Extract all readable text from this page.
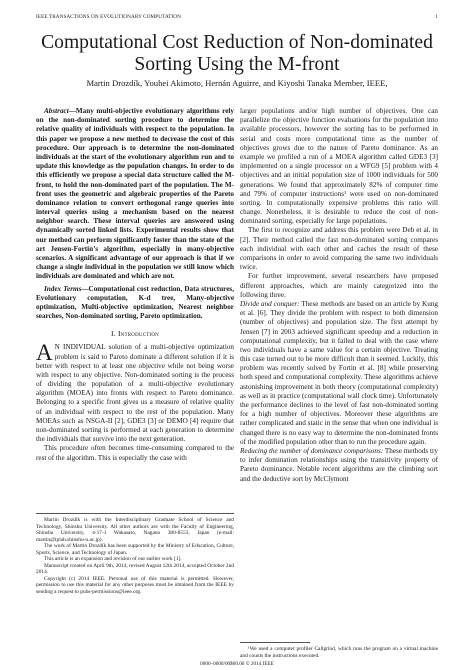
IEEE TRANSACTIONS ON EVOLUTIONARY COMPUTATION	1
Computational Cost Reduction of Non-dominated
Sorting Using the M-front
Martin Drozdík, Youhei Akimoto, Hernán Aguirre, and Kiyoshi Tanaka Member, IEEE,

Abstract—Many multi-objective evolutionary algorithms rely on the non-dominated sorting procedure to determine the relative quality of individuals with respect to the population. In this paper we propose a new method to decrease the cost of this procedure. Our approach is to determine the non-dominated individuals at the start of the evolutionary algorithm run and to update this knowledge as the population changes. In order to do this efficiently we propose a special data structure called the M-front, to hold the non-dominated part of the population. The M-front uses the geometric and algebraic properties of the Pareto dominance relation to convert orthogonal range queries into interval queries using a mechanism based on the nearest neighbor search. These interval queries are answered using dynamically sorted linked lists. Experimental results show that our method can perform significantly faster than the state of the art Jensen-Fortin’s algorithm, especially in many-objective scenarios. A significant advantage of our approach is that if we change a single individual in the population we still know which individuals are dominated and which are not.

Index Terms—Computational cost reduction, Data structures, Evolutionary computation, K-d tree, Many-objective optimization, Multi-objective optimization, Nearest neighbor searches, Non-dominated sorting, Pareto optimization.

I. Introduction

A N INDIVIDUAL solution of a multi-objective optimization problem is said to Pareto dominate a different solution if it is better with respect to at least one objective while not being worse with respect to any objective. Non-dominated sorting is the process of dividing the population of a multi-objective evolutionary algorithm (MOEA) into fronts with respect to Pareto dominance. Belonging to a specific front gives us a measure of relative quality of an individual with respect to the rest of the population. Many MOEAs such as NSGA-II [2], GDE3 [3] or DEMO [4] require that non-dominated sorting is performed at each generation to determine the individuals that survive into the next generation.

This procedure often becomes time-consuming compared to the rest of the algorithm. This is especially the case with

Martin Drozdík is with the Interdisciplinary Graduate School of Science and Technology, Shinshu University. All other authors are with the Faculty of Engineering, Shinshu University, 4-17-1 Wakasato, Nagano 380-8553, Japan (e-mail: martin@iplab.shinshu-u.ac.jp).

The work of Martin Drozdík has been supported by the Ministry of Education, Culture, Sports, Science, and Technology of Japan.

This article is an expansion and revision of our earlier work [1].

Manuscript created on April 9th, 2014, revised August 12th 2014, accepted October 2nd 2014.

Copyright (c) 2014 IEEE. Personal use of this material is permitted. However, permission to use this material for any other purposes must be obtained from the IEEE by sending a request to pubs-permissions@ieee.org.

larger populations and/or high number of objectives. One can parallelize the objective function evaluations for the population into available processors, however the sorting has to be performed in serial and costs more computational time as the number of objectives grows due to the nature of Pareto dominance. As an example we profiled a run of a MOEA algorithm called GDE3 [3] implemented on a single processor on a WFG9 [5] problem with 4 objectives and an initial population size of 1000 individuals for 500 generations. We found that approximately 82% of computer time and 79% of computer instructions¹ were used on non-dominated sorting. In computationally expensive problems this ratio will change. Nonetheless, it is desirable to reduce the cost of non-dominated sorting, especially for large populations.

The first to recognize and address this problem were Deb et al. in [2]. Their method called the fast non-dominated sorting compares each individual with each other and caches the result of these comparisons in order to avoid comparing the same two individuals twice.

For further improvement, several researchers have proposed different approaches, which are mainly categorized into the following three.

Divide and conquer: These methods are based on an article by Kung et al. [6]. They divide the problem with respect to both dimension (number of objectives) and population size. The first attempt by Jensen [7] in 2003 achieved significant speedup and a reduction in computational complexity, but it failed to deal with the case where two individuals have a same value for a certain objective. Treating this case turned out to be more difficult than it seemed. Luckily, this problem was recently solved by Fortin et al. [8] while preserving both speed and computational complexity. These algorithms achieve astonishing improvement in both theory (computational complexity) as well as in practice (computational wall clock time). Unfortunately the performance declines to the level of fast non-dominated sorting for a high number of objectives. Moreover these algorithms are rather complicated and static in the sense that when one individual is changed there is no easy way to determine the non-dominated fronts of the modified population other than to run the procedure again.

Reducing the number of dominance comparisons: These methods try to infer domination relationships using the transitivity property of Pareto dominance. Notable recent algorithms are the climbing sort and the deductive sort by McClymont

¹We used a computer profiler Callgrind, which runs the program on a virtual machine and counts the instructions executed.

0000–0000/00$00.00 © 2014 IEEE
